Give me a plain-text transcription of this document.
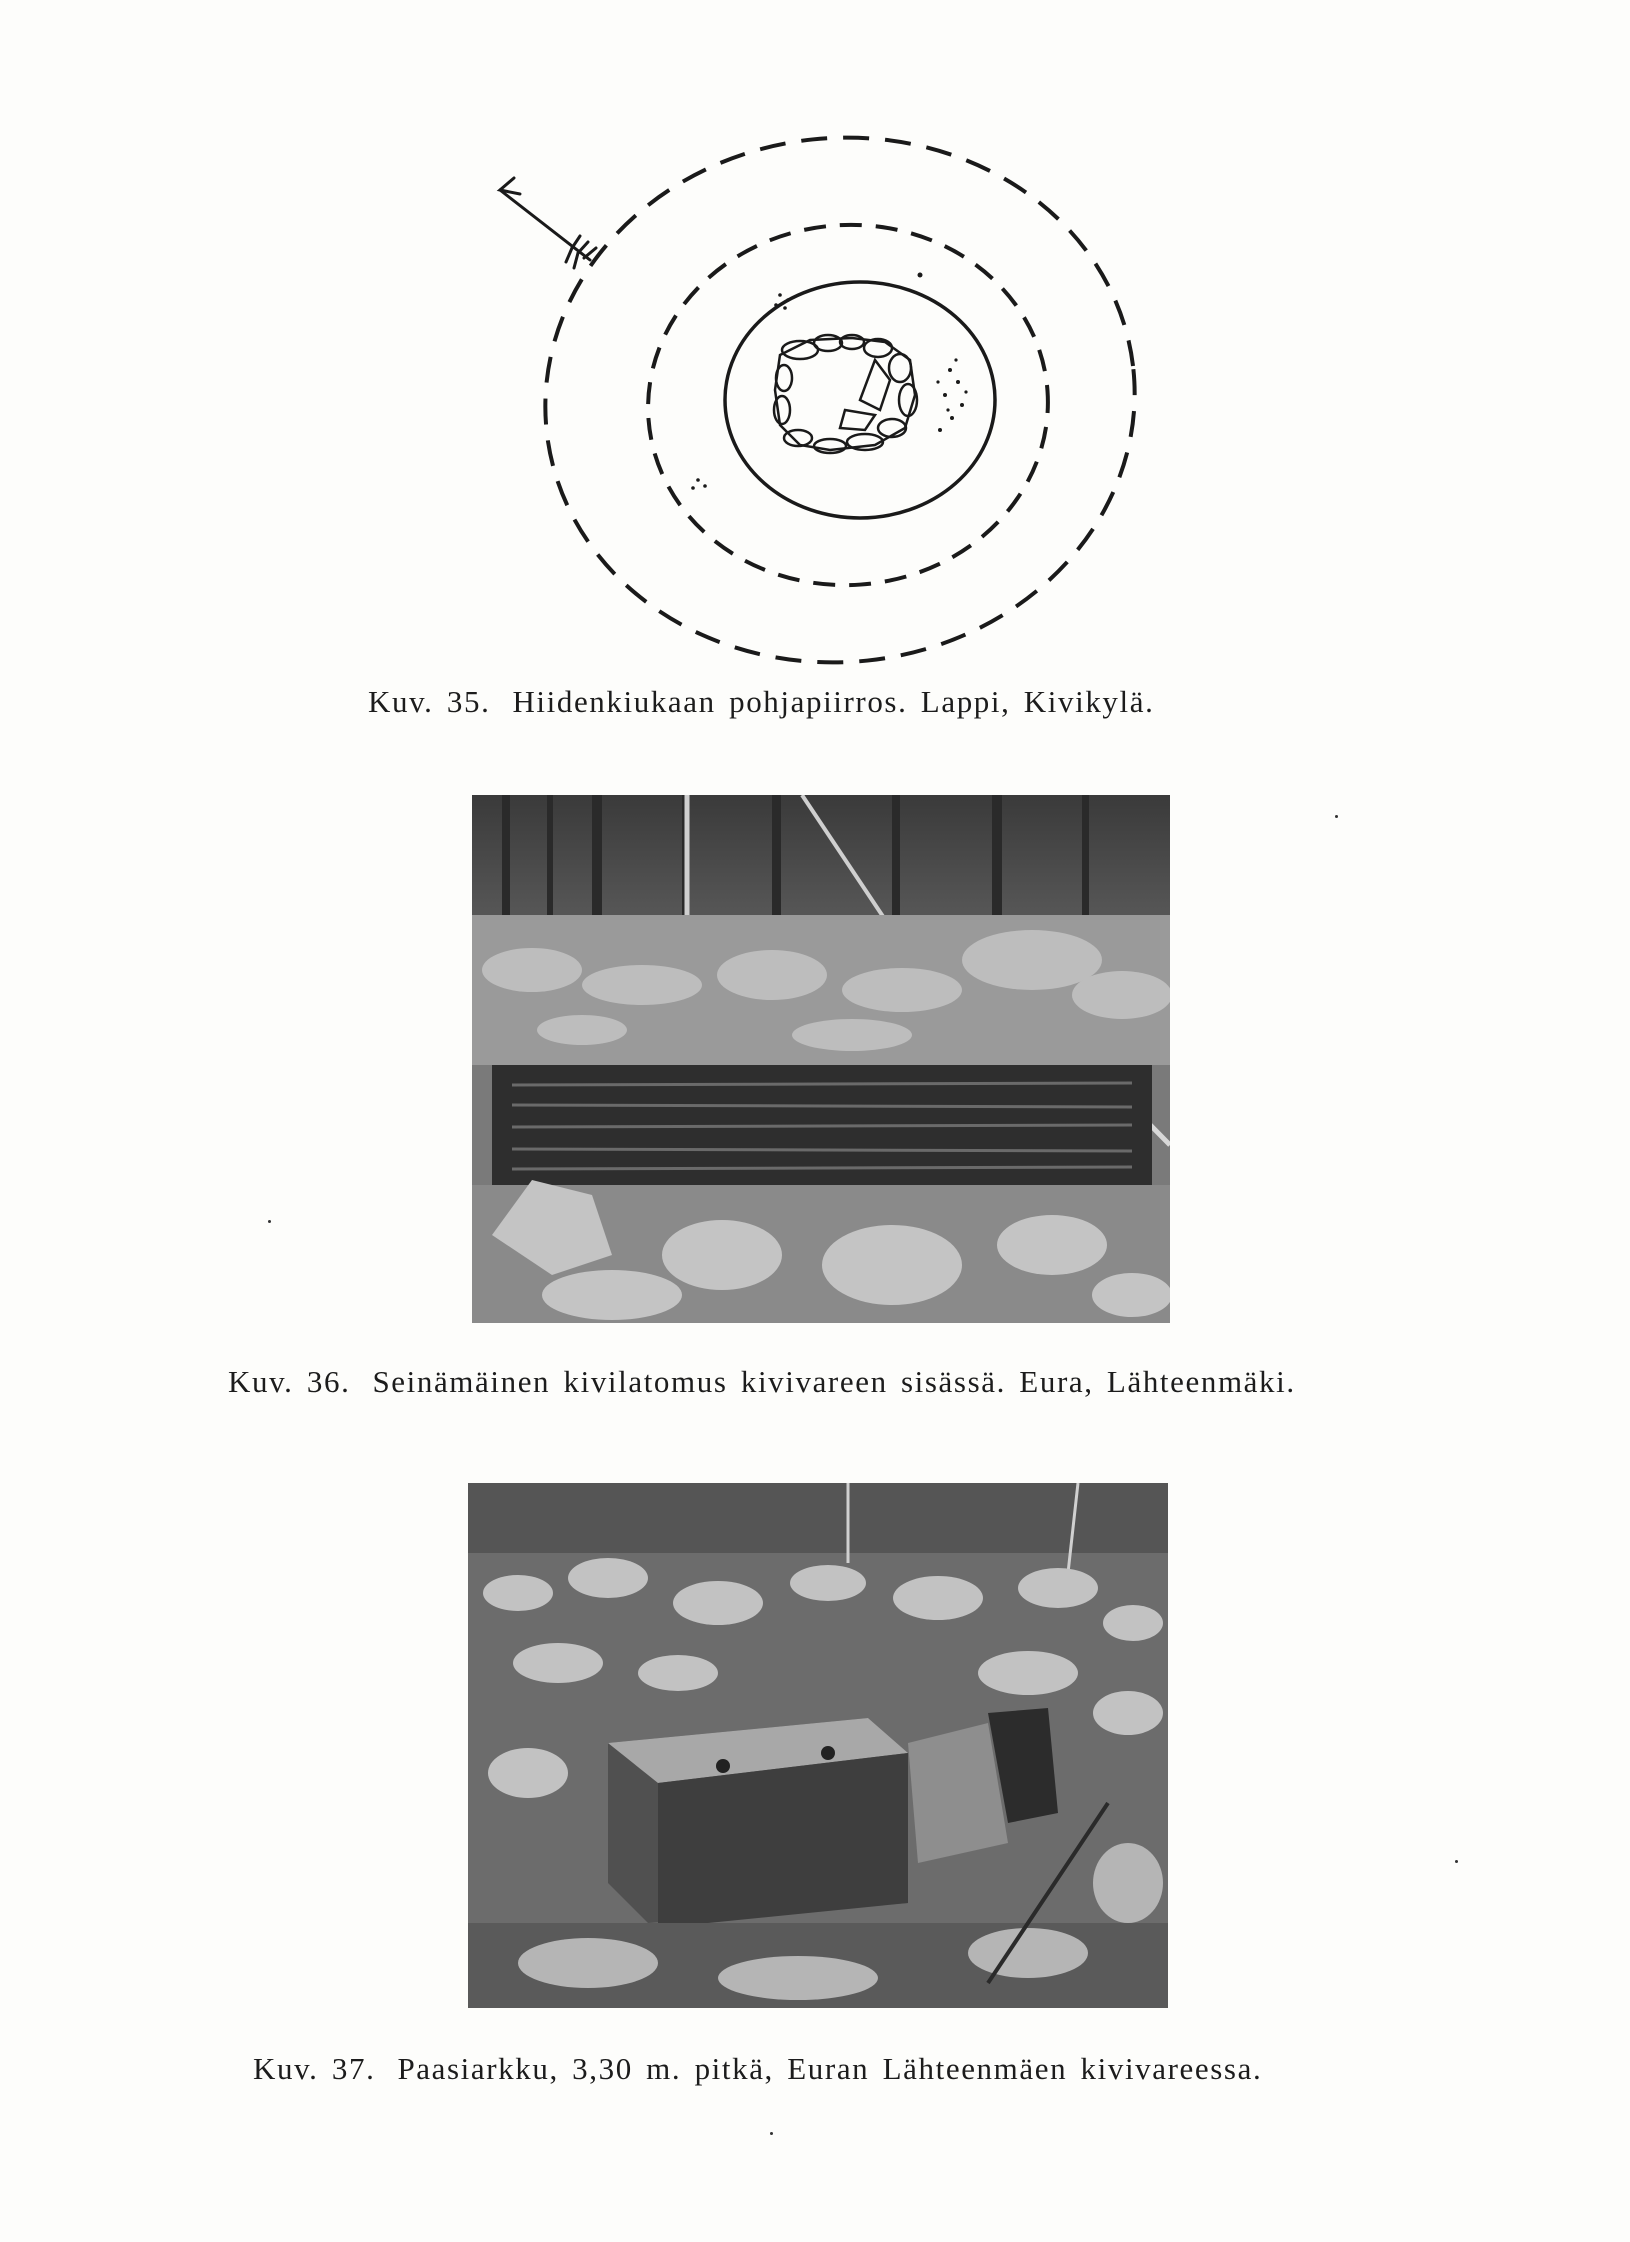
Kuv. 35. Hiidenkiukaan pohjapiirros. Lappi, Kivikylä.
Kuv. 36. Seinämäinen kivilatomus kivivareen sisässä. Eura, Lähteenmäki.
Kuv. 37. Paasiarkku, 3,30 m. pitkä, Euran Lähteenmäen kivivareessa.
